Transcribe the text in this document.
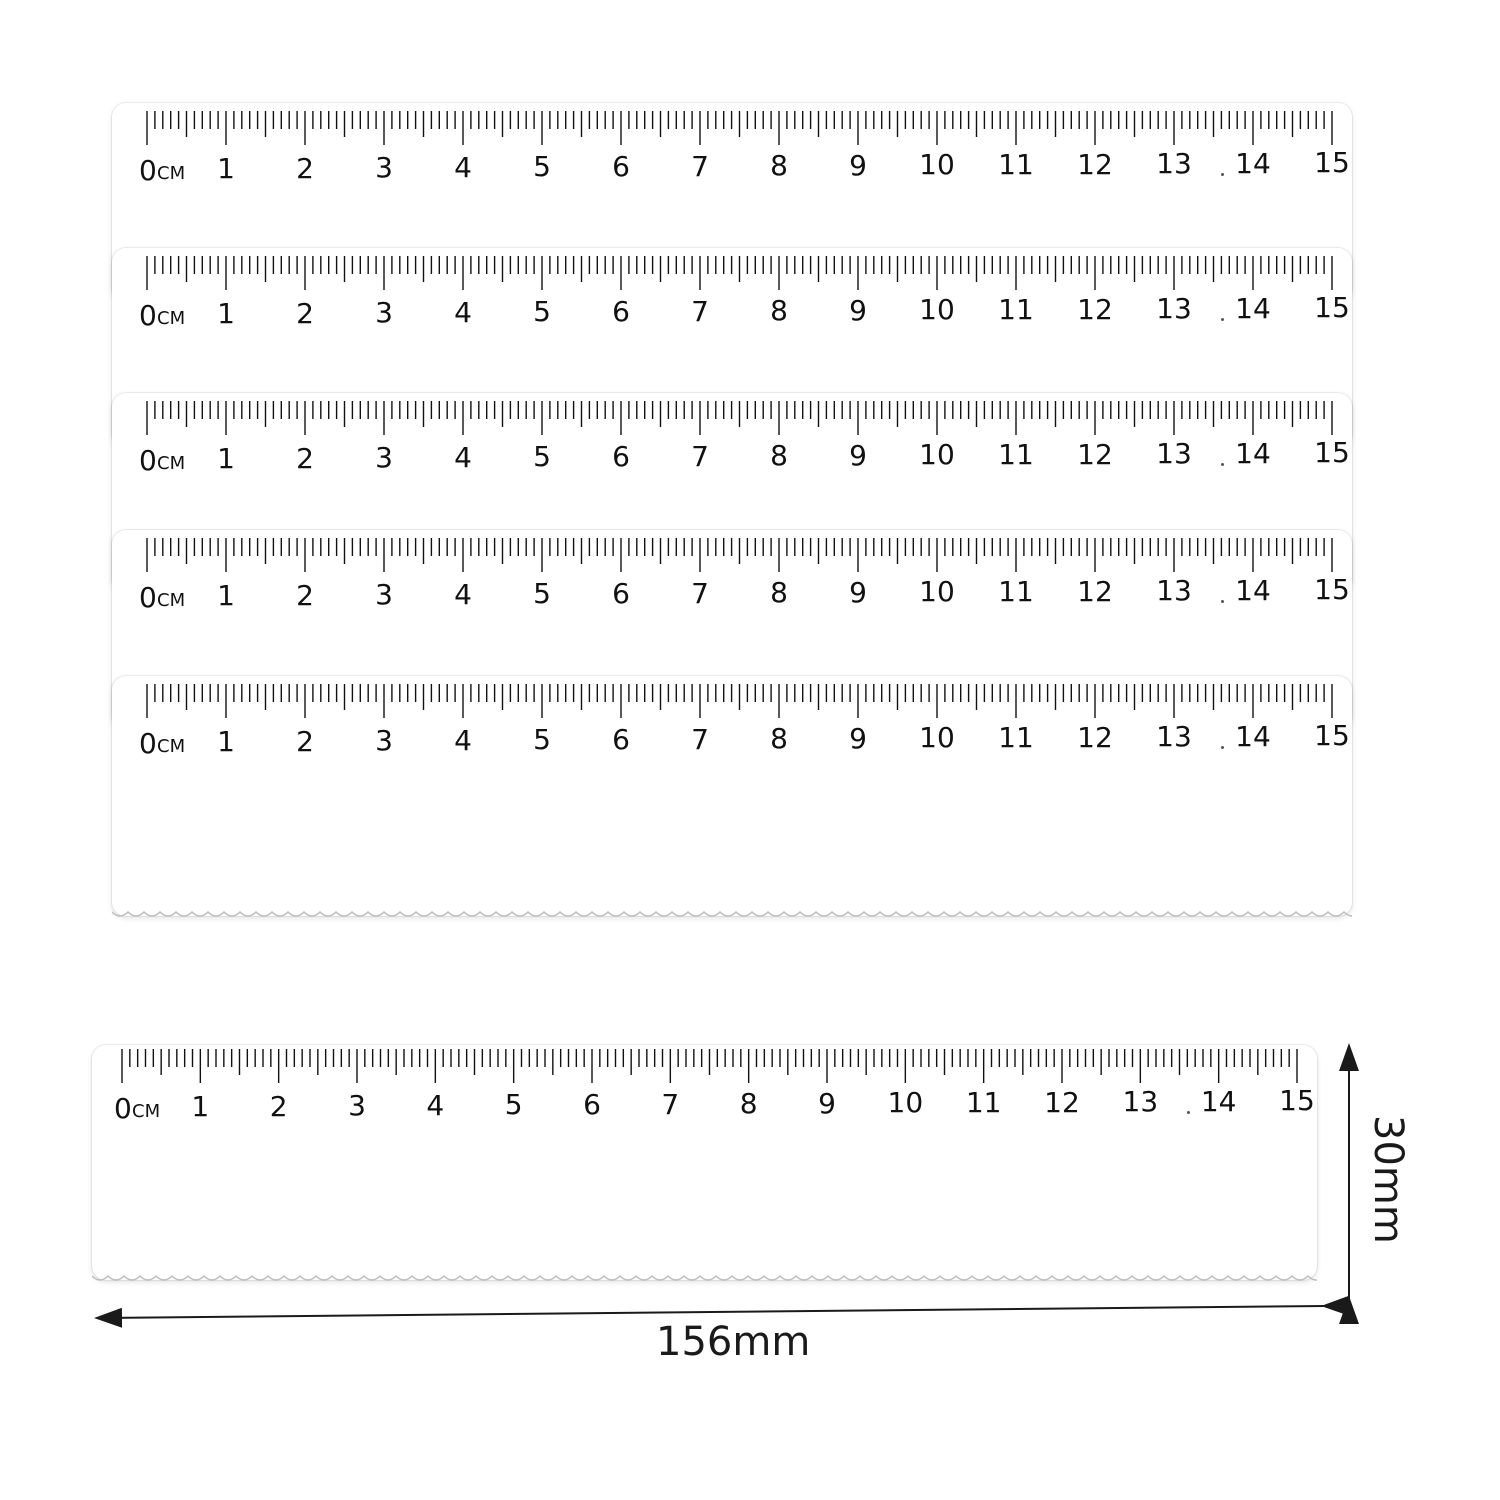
0 CM 1 2 3 4 5 6 7 8 9 10 11 12 13 14 15
0 CM 1 2 3 4 5 6 7 8 9 10 11 12 13 14 15
0 CM 1 2 3 4 5 6 7 8 9 10 11 12 13 14 15
0 CM 1 2 3 4 5 6 7 8 9 10 11 12 13 14 15
0 CM 1 2 3 4 5 6 7 8 9 10 11 12 13 14 15
0 CM 1 2 3 4 5 6 7 8 9 10 11 12 13 14 15
156mm
30mm
